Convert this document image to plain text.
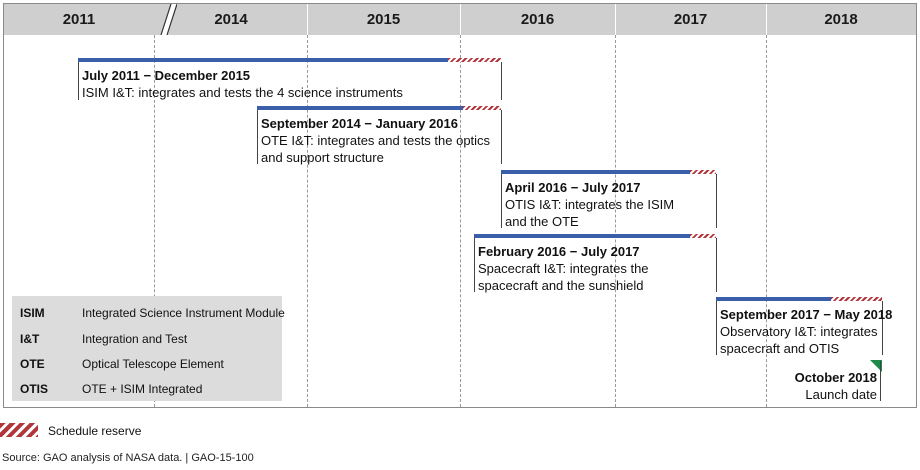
2011	2014	2015	2016	2017	2018
July 2011 − December 2015
ISIM I&T: integrates and tests the 4 science instruments
September 2014 − January 2016
OTE I&T: integrates and tests the optics and support structure
April 2016 − July 2017
OTIS I&T: integrates the ISIM and the OTE
February 2016 − July 2017
Spacecraft I&T: integrates the spacecraft and the sunshield
September 2017 − May 2018
Observatory I&T: integrates spacecraft and OTIS
October 2018
Launch date
ISIM	Integrated Science Instrument Module
I&T	Integration and Test
OTE	Optical Telescope Element
OTIS	OTE + ISIM Integrated
Schedule reserve
Source: GAO analysis of NASA data. | GAO-15-100
